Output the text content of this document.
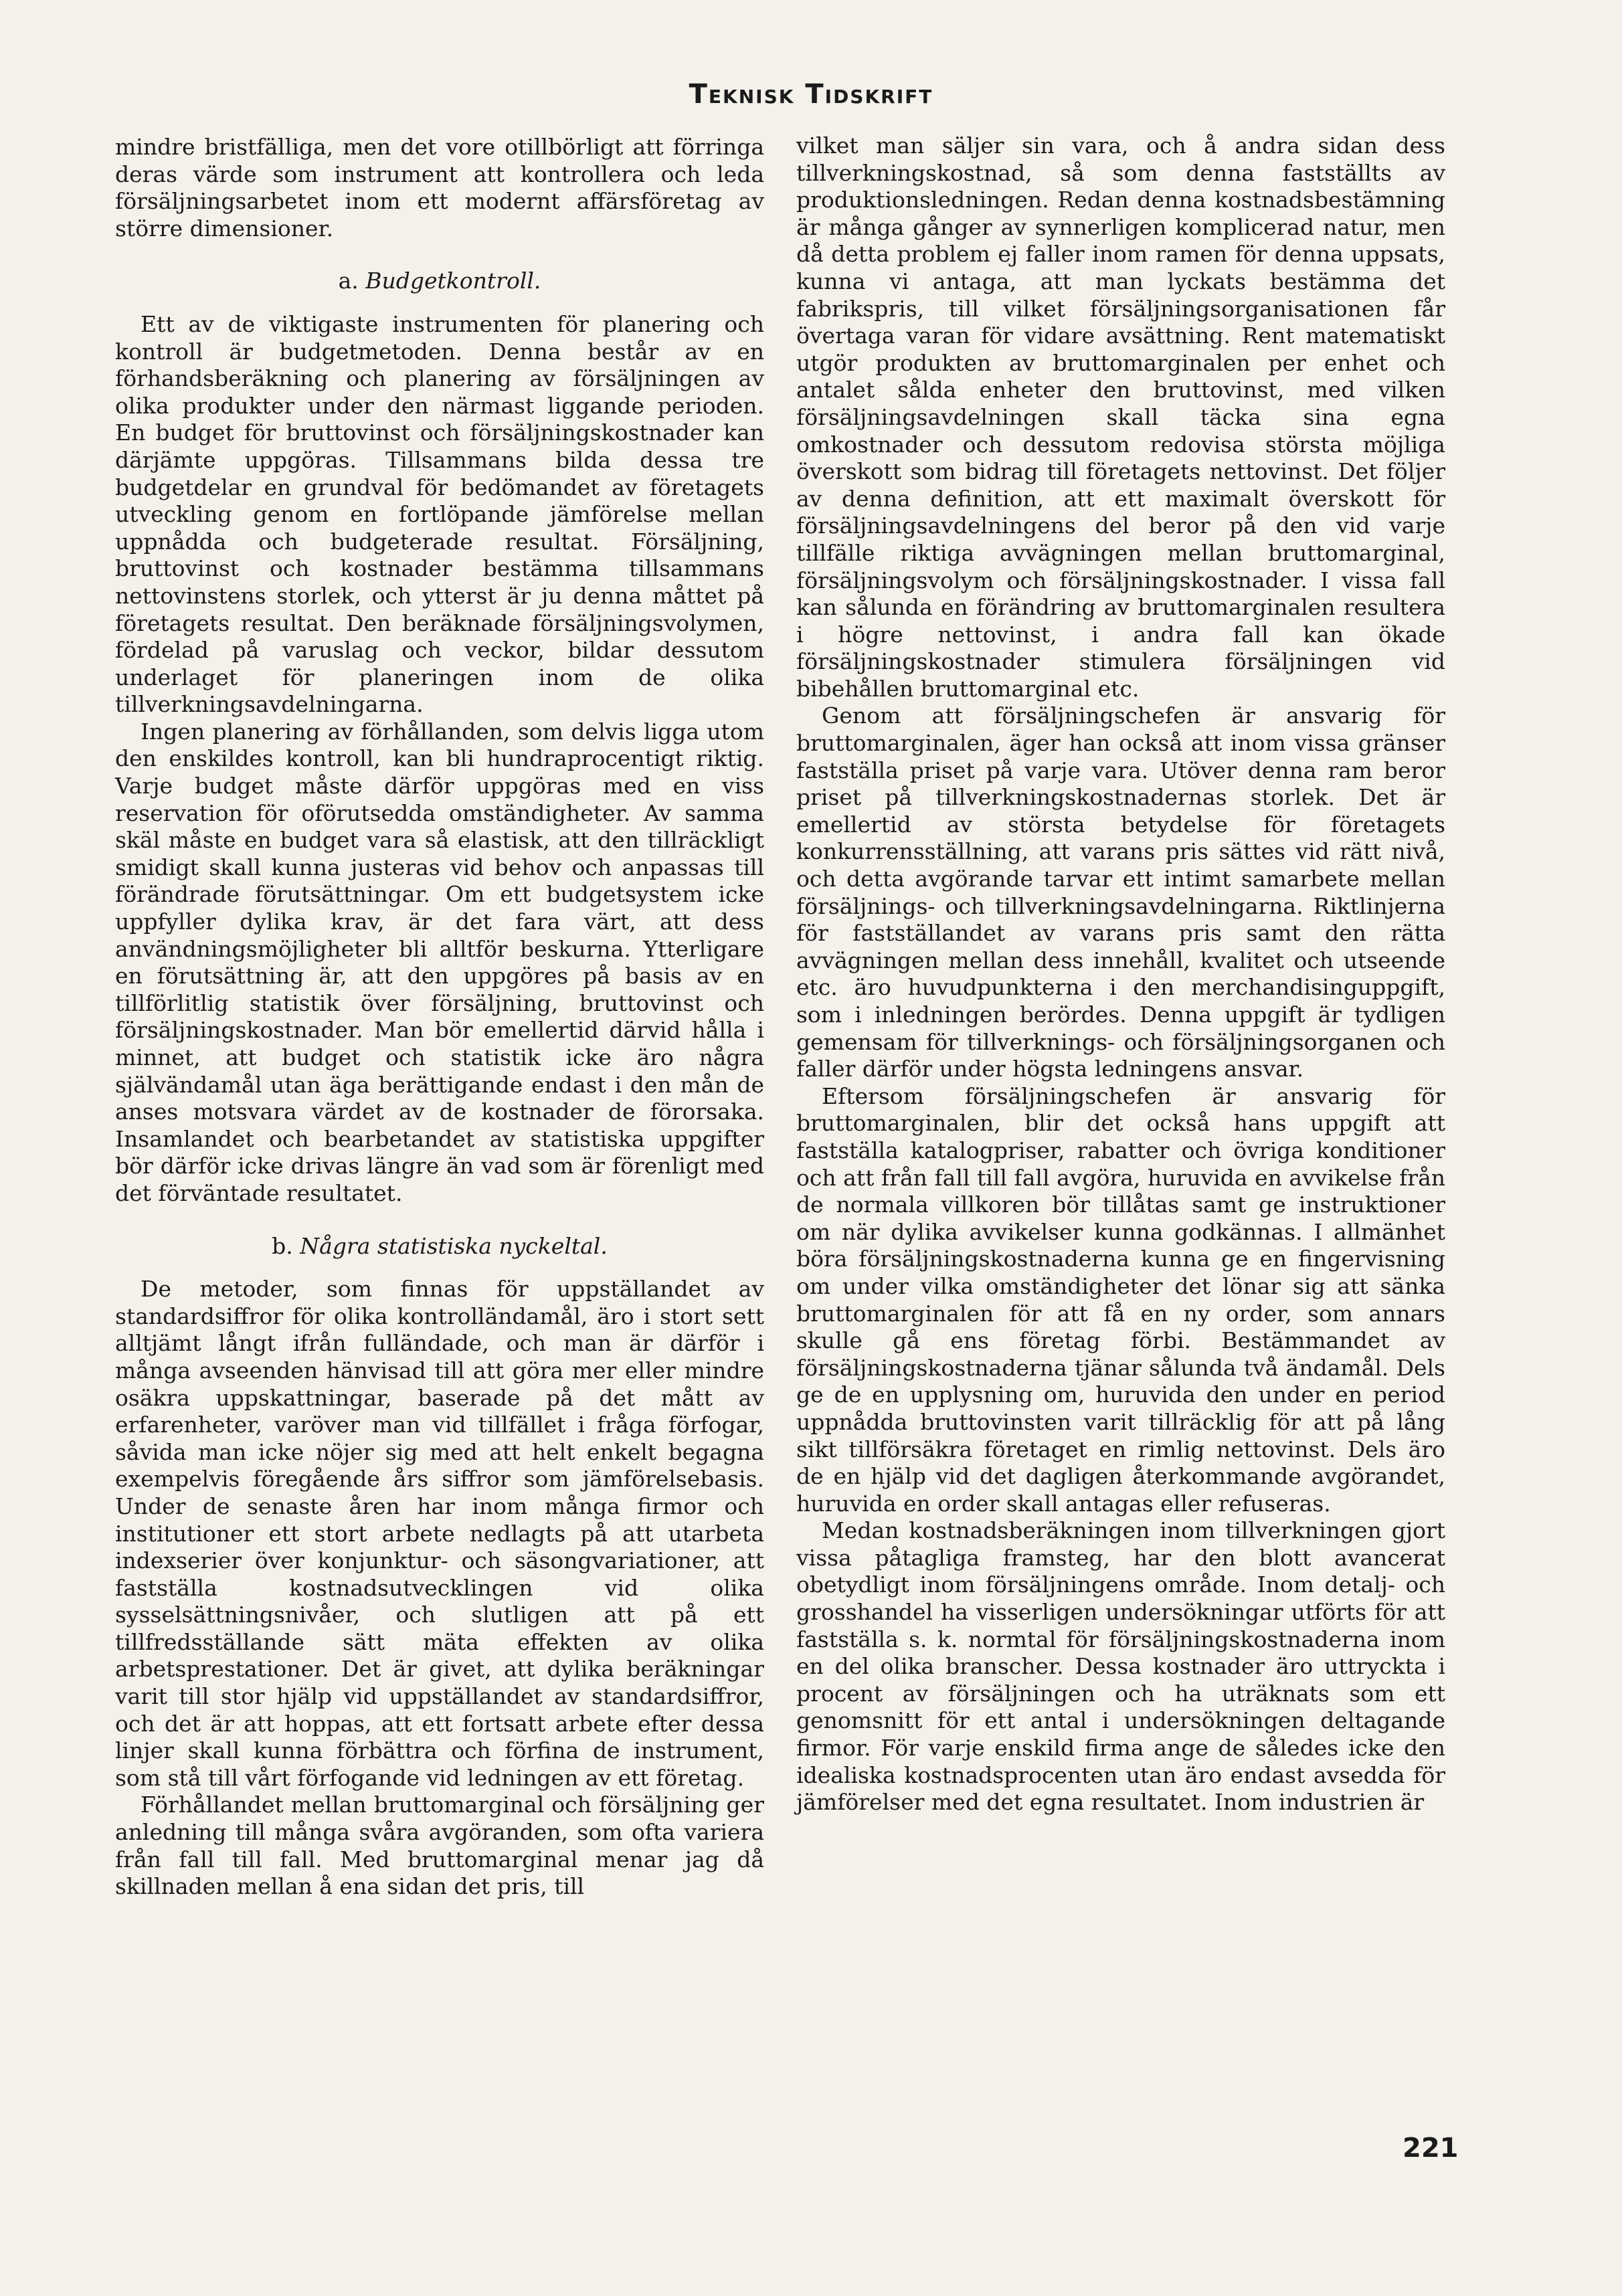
Teknisk Tidskrift

mindre bristfälliga, men det vore otillbörligt att förringa deras värde som instrument att kontrollera och leda försäljningsarbetet inom ett modernt affärsföretag av större dimensioner.

a. Budgetkontroll.

Ett av de viktigaste instrumenten för planering och kontroll är budgetmetoden. Denna består av en förhandsberäkning och planering av försäljningen av olika produkter under den närmast liggande perioden. En budget för bruttovinst och försäljningskostnader kan därjämte uppgöras. Tillsammans bilda dessa tre budgetdelar en grundval för bedömandet av företagets utveckling genom en fortlöpande jämförelse mellan uppnådda och budgeterade resultat. Försäljning, bruttovinst och kostnader bestämma tillsammans nettovinstens storlek, och ytterst är ju denna måttet på företagets resultat. Den beräknade försäljningsvolymen, fördelad på varuslag och veckor, bildar dessutom underlaget för planeringen inom de olika tillverkningsavdelningarna.

Ingen planering av förhållanden, som delvis ligga utom den enskildes kontroll, kan bli hundraprocentigt riktig. Varje budget måste därför uppgöras med en viss reservation för oförutsedda omständigheter. Av samma skäl måste en budget vara så elastisk, att den tillräckligt smidigt skall kunna justeras vid behov och anpassas till förändrade förutsättningar. Om ett budgetsystem icke uppfyller dylika krav, är det fara värt, att dess användningsmöjligheter bli alltför beskurna. Ytterligare en förutsättning är, att den uppgöres på basis av en tillförlitlig statistik över försäljning, bruttovinst och försäljningskostnader. Man bör emellertid därvid hålla i minnet, att budget och statistik icke äro några självändamål utan äga berättigande endast i den mån de anses motsvara värdet av de kostnader de förorsaka. Insamlandet och bearbetandet av statistiska uppgifter bör därför icke drivas längre än vad som är förenligt med det förväntade resultatet.

b. Några statistiska nyckeltal.

De metoder, som finnas för uppställandet av standardsiffror för olika kontrolländamål, äro i stort sett alltjämt långt ifrån fulländade, och man är därför i många avseenden hänvisad till att göra mer eller mindre osäkra uppskattningar, baserade på det mått av erfarenheter, varöver man vid tillfället i fråga förfogar, såvida man icke nöjer sig med att helt enkelt begagna exempelvis föregående års siffror som jämförelsebasis. Under de senaste åren har inom många firmor och institutioner ett stort arbete nedlagts på att utarbeta indexserier över konjunktur- och säsongvariationer, att fastställa kostnadsutvecklingen vid olika sysselsättningsnivåer, och slutligen att på ett tillfredsställande sätt mäta effekten av olika arbetsprestationer. Det är givet, att dylika beräkningar varit till stor hjälp vid uppställandet av standardsiffror, och det är att hoppas, att ett fortsatt arbete efter dessa linjer skall kunna förbättra och förfina de instrument, som stå till vårt förfogande vid ledningen av ett företag.

Förhållandet mellan bruttomarginal och försäljning ger anledning till många svåra avgöranden, som ofta variera från fall till fall. Med bruttomarginal menar jag då skillnaden mellan å ena sidan det pris, till

vilket man säljer sin vara, och å andra sidan dess tillverkningskostnad, så som denna fastställts av produktionsledningen. Redan denna kostnadsbestämning är många gånger av synnerligen komplicerad natur, men då detta problem ej faller inom ramen för denna uppsats, kunna vi antaga, att man lyckats bestämma det fabrikspris, till vilket försäljningsorganisationen får övertaga varan för vidare avsättning. Rent matematiskt utgör produkten av bruttomarginalen per enhet och antalet sålda enheter den bruttovinst, med vilken försäljningsavdelningen skall täcka sina egna omkostnader och dessutom redovisa största möjliga överskott som bidrag till företagets nettovinst. Det följer av denna definition, att ett maximalt överskott för försäljningsavdelningens del beror på den vid varje tillfälle riktiga avvägningen mellan bruttomarginal, försäljningsvolym och försäljningskostnader. I vissa fall kan sålunda en förändring av bruttomarginalen resultera i högre nettovinst, i andra fall kan ökade försäljningskostnader stimulera försäljningen vid bibehållen bruttomarginal etc.

Genom att försäljningschefen är ansvarig för bruttomarginalen, äger han också att inom vissa gränser fastställa priset på varje vara. Utöver denna ram beror priset på tillverkningskostnadernas storlek. Det är emellertid av största betydelse för företagets konkurrensställning, att varans pris sättes vid rätt nivå, och detta avgörande tarvar ett intimt samarbete mellan försäljnings- och tillverkningsavdelningarna. Riktlinjerna för fastställandet av varans pris samt den rätta avvägningen mellan dess innehåll, kvalitet och utseende etc. äro huvudpunkterna i den merchandisinguppgift, som i inledningen berördes. Denna uppgift är tydligen gemensam för tillverknings- och försäljningsorganen och faller därför under högsta ledningens ansvar.

Eftersom försäljningschefen är ansvarig för bruttomarginalen, blir det också hans uppgift att fastställa katalogpriser, rabatter och övriga konditioner och att från fall till fall avgöra, huruvida en avvikelse från de normala villkoren bör tillåtas samt ge instruktioner om när dylika avvikelser kunna godkännas. I allmänhet böra försäljningskostnaderna kunna ge en fingervisning om under vilka omständigheter det lönar sig att sänka bruttomarginalen för att få en ny order, som annars skulle gå ens företag förbi. Bestämmandet av försäljningskostnaderna tjänar sålunda två ändamål. Dels ge de en upplysning om, huruvida den under en period uppnådda bruttovinsten varit tillräcklig för att på lång sikt tillförsäkra företaget en rimlig nettovinst. Dels äro de en hjälp vid det dagligen återkommande avgörandet, huruvida en order skall antagas eller refuseras.

Medan kostnadsberäkningen inom tillverkningen gjort vissa påtagliga framsteg, har den blott avancerat obetydligt inom försäljningens område. Inom detalj- och grosshandel ha visserligen undersökningar utförts för att fastställa s. k. normtal för försäljningskostnaderna inom en del olika branscher. Dessa kostnader äro uttryckta i procent av försäljningen och ha uträknats som ett genomsnitt för ett antal i undersökningen deltagande firmor. För varje enskild firma ange de således icke den idealiska kostnadsprocenten utan äro endast avsedda för jämförelser med det egna resultatet. Inom industrien är

221
